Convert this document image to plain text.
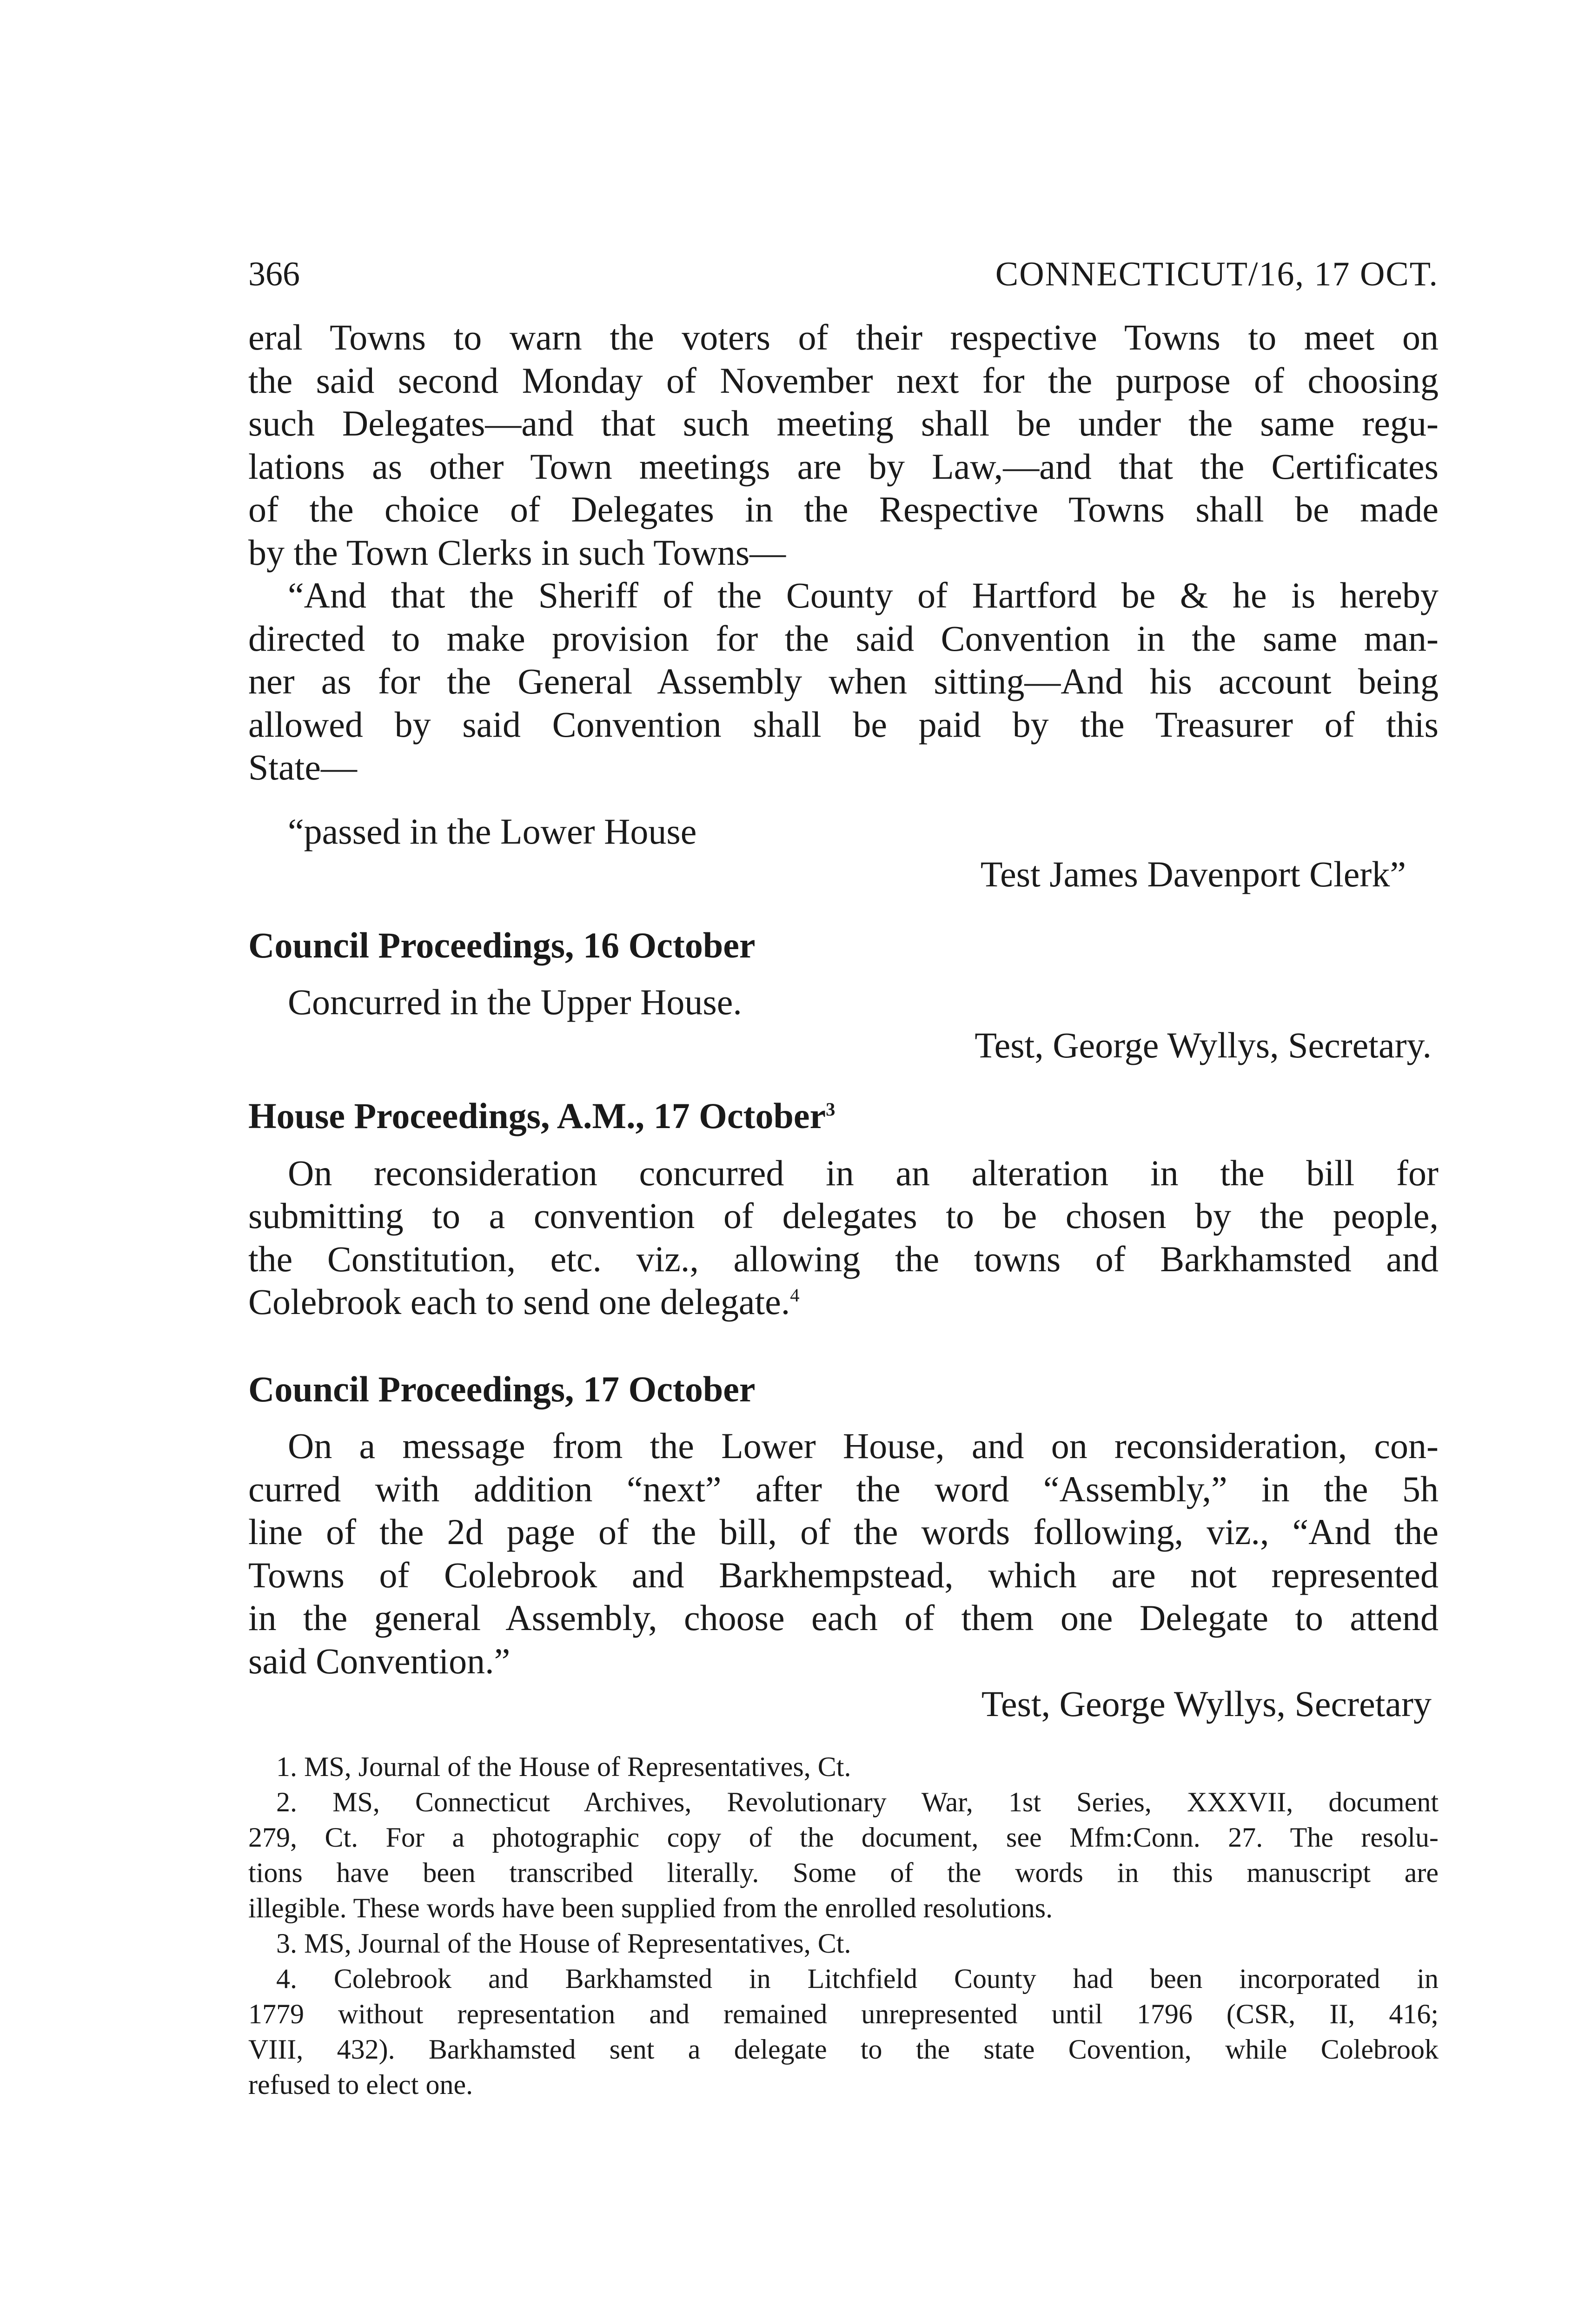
366	CONNECTICUT/16, 17 OCT.
eral Towns to warn the voters of their respective Towns to meet on
the said second Monday of November next for the purpose of choosing
such Delegates—and that such meeting shall be under the same regu-
lations as other Town meetings are by Law,—and that the Certificates
of the choice of Delegates in the Respective Towns shall be made
by the Town Clerks in such Towns—
“And that the Sheriff of the County of Hartford be & he is hereby
directed to make provision for the said Convention in the same man-
ner as for the General Assembly when sitting—And his account being
allowed by said Convention shall be paid by the Treasurer of this
State—
“passed in the Lower House
Test James Davenport Clerk”
Council Proceedings, 16 October
Concurred in the Upper House.
Test, George Wyllys, Secretary.
House Proceedings, A.M., 17 October$^3$
On reconsideration concurred in an alteration in the bill for
submitting to a convention of delegates to be chosen by the people,
the Constitution, etc. viz., allowing the towns of Barkhamsted and
Colebrook each to send one delegate.$^4$
Council Proceedings, 17 October
On a message from the Lower House, and on reconsideration, con-
curred with addition “next” after the word “Assembly,” in the 5h
line of the 2d page of the bill, of the words following, viz., “And the
Towns of Colebrook and Barkhempstead, which are not represented
in the general Assembly, choose each of them one Delegate to attend
said Convention.”
Test, George Wyllys, Secretary
1. MS, Journal of the House of Representatives, Ct.
2. MS, Connecticut Archives, Revolutionary War, 1st Series, XXXVII, document
279, Ct. For a photographic copy of the document, see Mfm:Conn. 27. The resolu-
tions have been transcribed literally. Some of the words in this manuscript are
illegible. These words have been supplied from the enrolled resolutions.
3. MS, Journal of the House of Representatives, Ct.
4. Colebrook and Barkhamsted in Litchfield County had been incorporated in
1779 without representation and remained unrepresented until 1796 (CSR, II, 416;
VIII, 432). Barkhamsted sent a delegate to the state Covention, while Colebrook
refused to elect one.
